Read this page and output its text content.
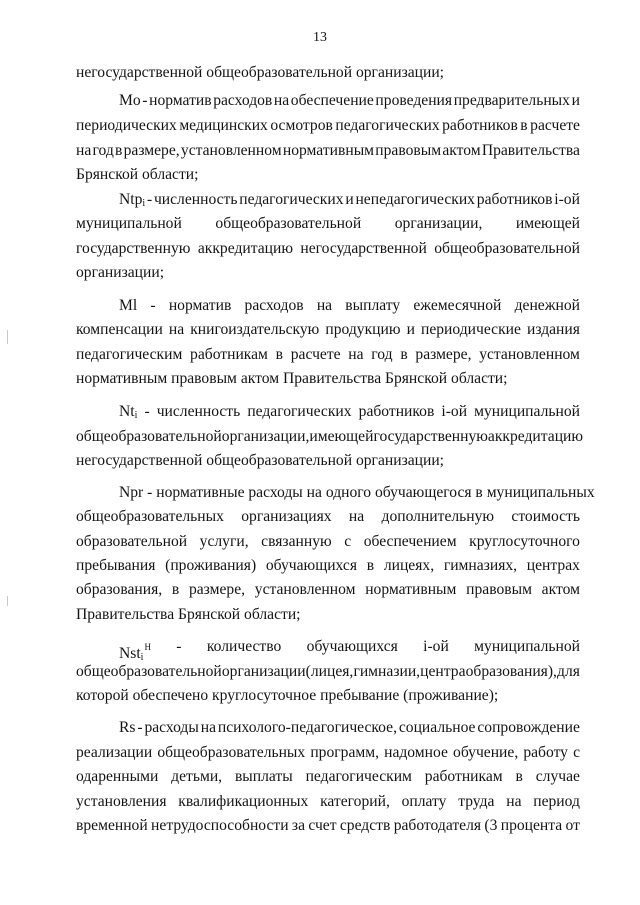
13
негосударственной общеобразовательной организации;
Mo - норматив расходов на обеспечение проведения предварительных и
периодических медицинских осмотров педагогических работников в расчете
на год в размере, установленном нормативным правовым актом Правительства
Брянской области;
Ntp$_i$ - численность педагогических и непедагогических работников i-ой
муниципальной общеобразовательной организации, имеющей
государственную аккредитацию негосударственной общеобразовательной
организации;
Ml - норматив расходов на выплату ежемесячной денежной
компенсации на книгоиздательскую продукцию и периодические издания
педагогическим работникам в расчете на год в размере, установленном
нормативным правовым актом Правительства Брянской области;
$Nt_i$ - численность педагогических работников i-ой муниципальной
общеобразовательной организации, имеющей государственную аккредитацию
негосударственной общеобразовательной организации;
Npr - нормативные расходы на одного обучающегося в муниципальных
общеобразовательных организациях на дополнительную стоимость
образовательной услуги, связанную с обеспечением круглосуточного
пребывания (проживания) обучающихся в лицеях, гимназиях, центрах
образования, в размере, установленном нормативным правовым актом
Правительства Брянской области;
Nst$_i^H$ - количество обучающихся i-ой муниципальной
общеобразовательной организации (лицея, гимназии, центра образования), для
которой обеспечено круглосуточное пребывание (проживание);
Rs - расходы на психолого-педагогическое, социальное сопровождение
реализации общеобразовательных программ, надомное обучение, работу с
одаренными детьми, выплаты педагогическим работникам в случае
установления квалификационных категорий, оплату труда на период
временной нетрудоспособности за счет средств работодателя (3 процента от
